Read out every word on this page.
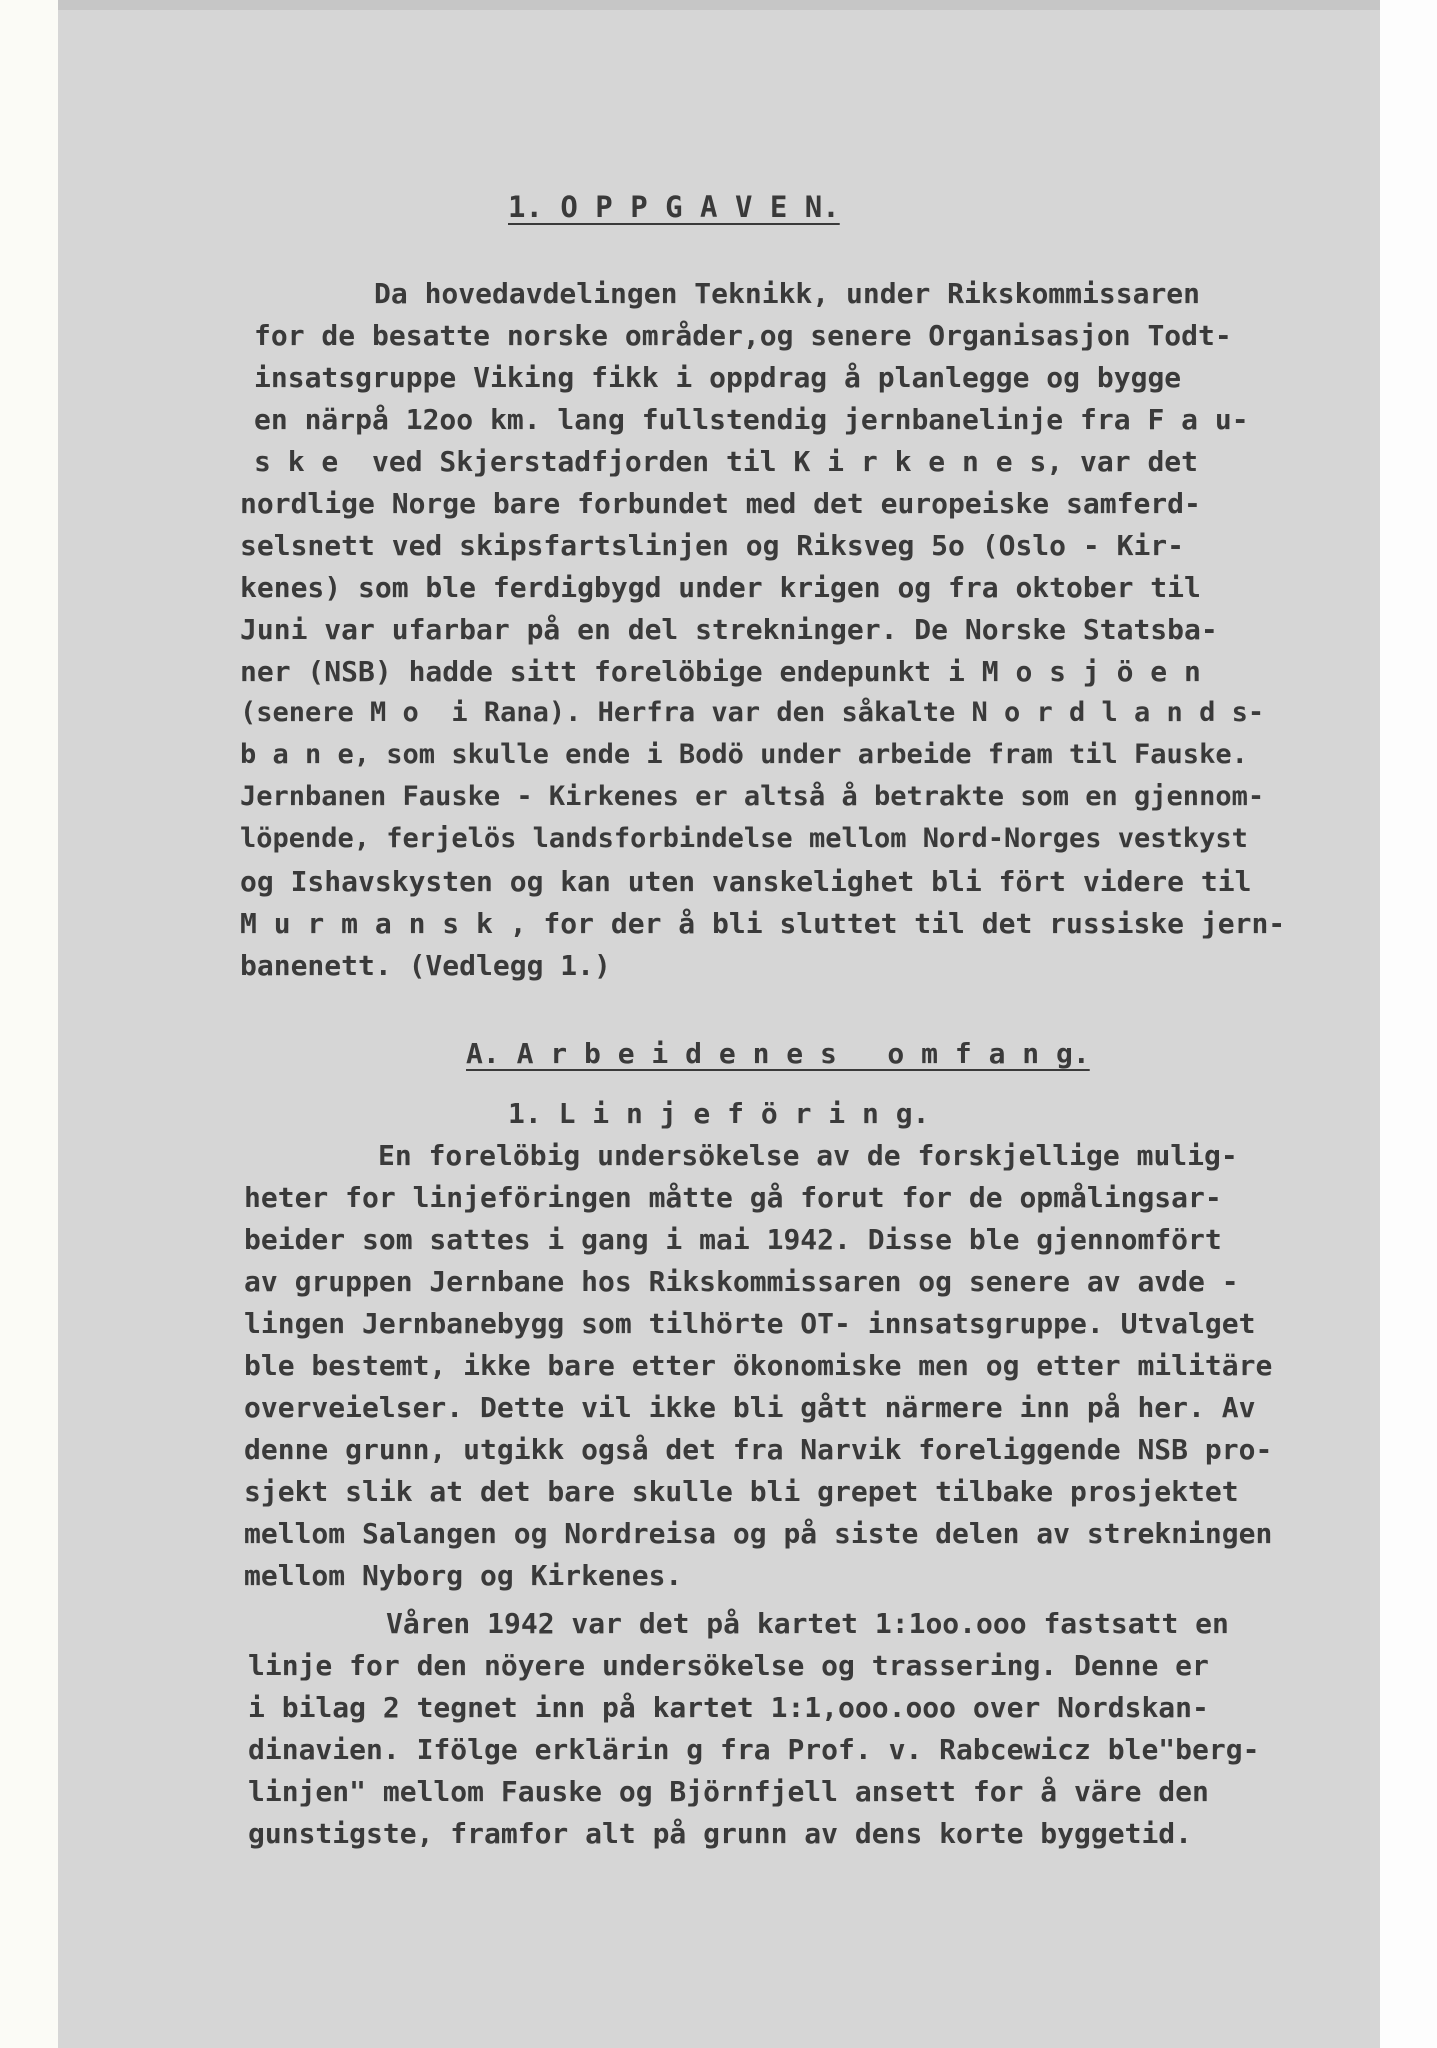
1. O P P G A V E N.
Da hovedavdelingen Teknikk, under Rikskommissaren
for de besatte norske områder,og senere Organisasjon Todt-
insatsgruppe Viking fikk i oppdrag å planlegge og bygge
en närpå 12oo km. lang fullstendig jernbanelinje fra F a u-
s k e  ved Skjerstadfjorden til K i r k e n e s, var det
nordlige Norge bare forbundet med det europeiske samferd-
selsnett ved skipsfartslinjen og Riksveg 5o (Oslo - Kir-
kenes) som ble ferdigbygd under krigen og fra oktober til
Juni var ufarbar på en del strekninger. De Norske Statsba-
ner (NSB) hadde sitt forelöbige endepunkt i M o s j ö e n
(senere M o  i Rana). Herfra var den såkalte N o r d l a n d s-
b a n e, som skulle ende i Bodö under arbeide fram til Fauske.
Jernbanen Fauske - Kirkenes er altså å betrakte som en gjennom-
löpende, ferjelös landsforbindelse mellom Nord-Norges vestkyst
og Ishavskysten og kan uten vanskelighet bli fört videre til
M u r m a n s k , for der å bli sluttet til det russiske jern-
banenett. (Vedlegg 1.)
A. A r b e i d e n e s   o m f a n g.
1. L i n j e f ö r i n g.
En forelöbig undersökelse av de forskjellige mulig-
heter for linjeföringen måtte gå forut for de opmålingsar-
beider som sattes i gang i mai 1942. Disse ble gjennomfört
av gruppen Jernbane hos Rikskommissaren og senere av avde -
lingen Jernbanebygg som tilhörte OT- innsatsgruppe. Utvalget
ble bestemt, ikke bare etter ökonomiske men og etter militäre
overveielser. Dette vil ikke bli gått närmere inn på her. Av
denne grunn, utgikk også det fra Narvik foreliggende NSB pro-
sjekt slik at det bare skulle bli grepet tilbake prosjektet
mellom Salangen og Nordreisa og på siste delen av strekningen
mellom Nyborg og Kirkenes.
Våren 1942 var det på kartet 1:1oo.ooo fastsatt en
linje for den nöyere undersökelse og trassering. Denne er
i bilag 2 tegnet inn på kartet 1:1,ooo.ooo over Nordskan-
dinavien. Ifölge erklärin g fra Prof. v. Rabcewicz ble"berg-
linjen" mellom Fauske og Björnfjell ansett for å väre den
gunstigste, framfor alt på grunn av dens korte byggetid.
